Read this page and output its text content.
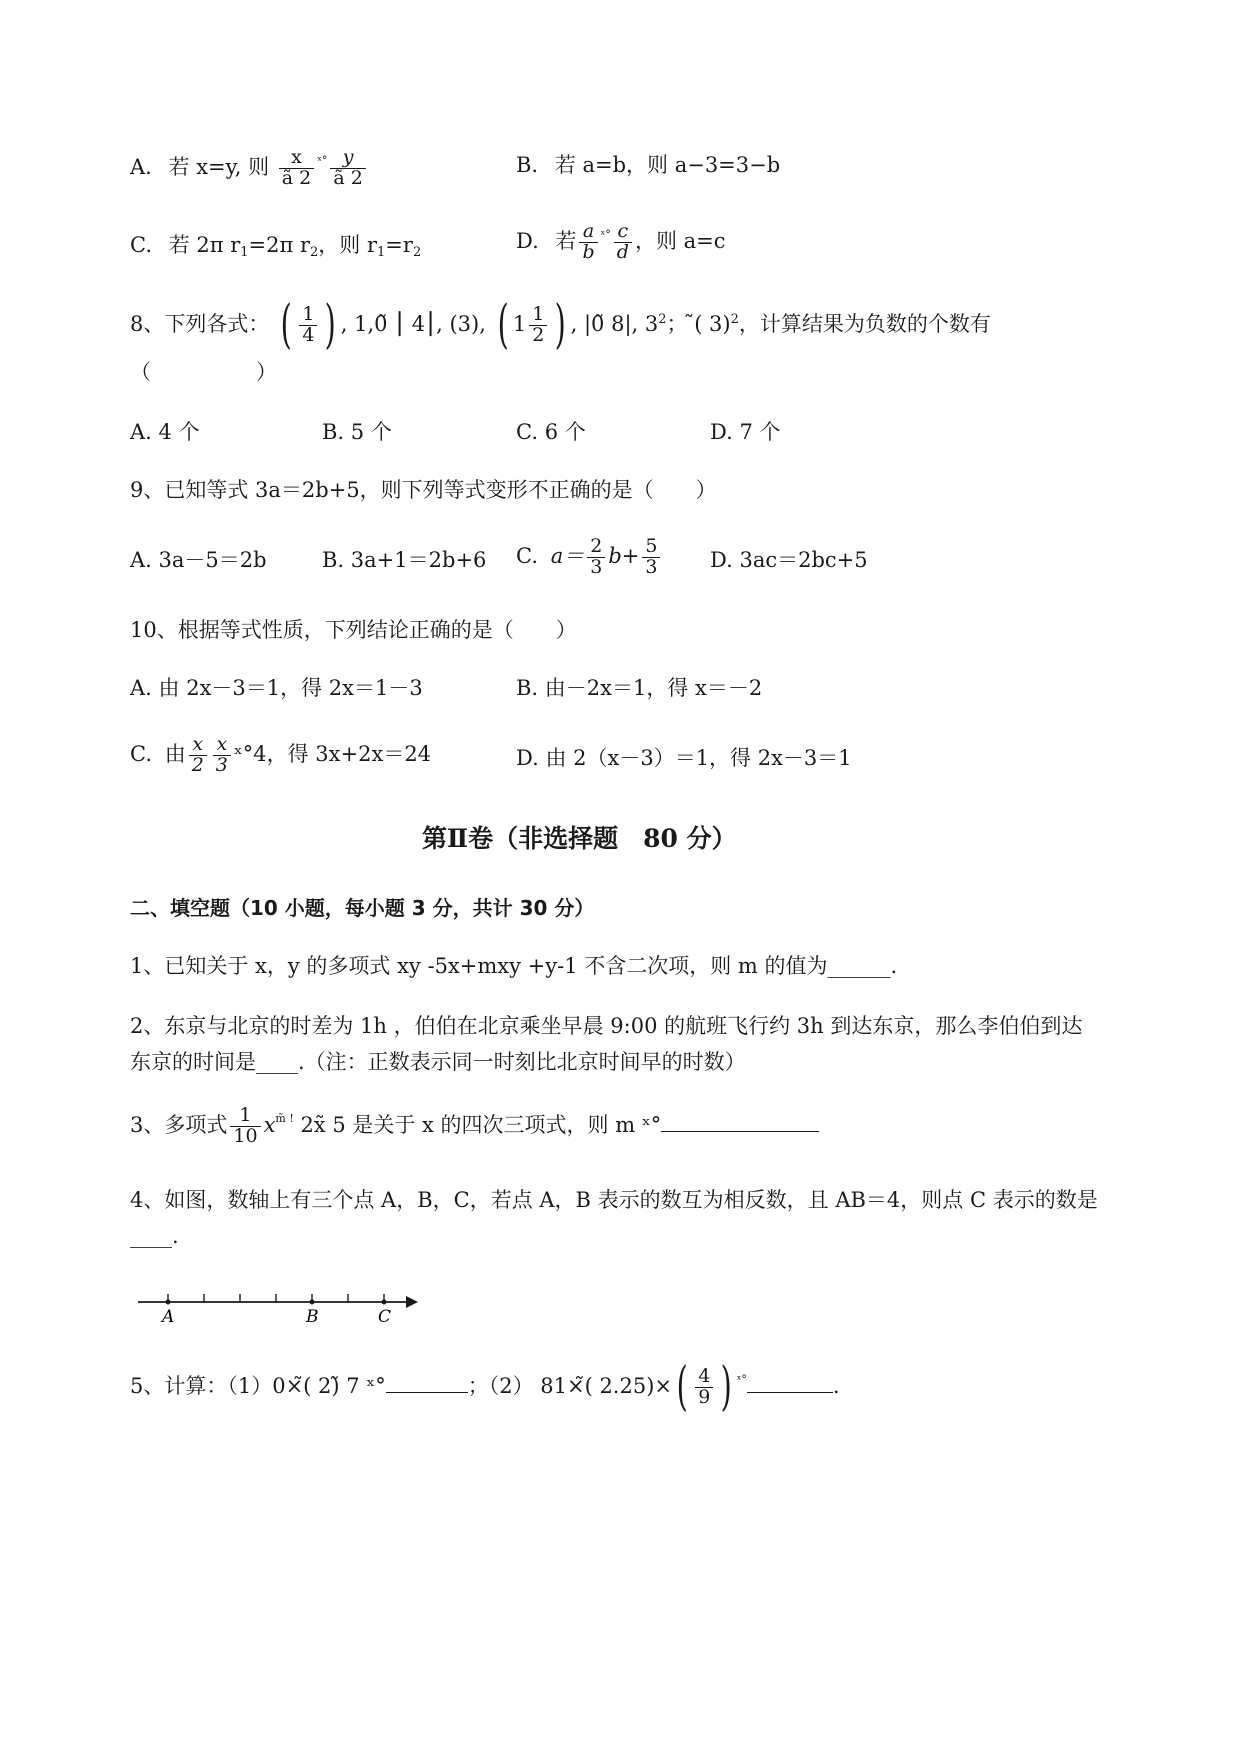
A. 若 x=y, 则 $\frac{x}{ã 2} ^{ˣ^\circ} \frac{y}{ã 2}$	B. 若 a=b，则 a−3=3−b
C. 若 2π $r_1=2\pi$ $r_2$，则 $r_1=r_2$	D. 若 $\frac{a}{b} ^{ˣ^\circ} \frac{c}{d}$ ，则 a=c
8、下列各式： ( $\frac{1}{4}$ ) , 1,0̃ ⎮ 4⎮, (3), ( $1 \frac{1}{2}$ ) , |0̃ 8|, $3^2$； ̃( 3)$^2$，计算结果为负数的个数有
（　　　　　）
A. 4 个	B. 5 个	C. 6 个	D. 7 个
9、已知等式 3a＝2b+5，则下列等式变形不正确的是（　　）
A. 3a－5＝2b	B. 3a+1＝2b+6 C. $a= \frac{2}{3} b+ \frac{5}{3} D$. 3ac＝2bc+5
10、根据等式性质，下列结论正确的是（　　）
A. 由 2x－3＝1，得 2x＝1－3	B. 由－2x＝1，得 x＝－2
C. 由 $\frac{x}{2} \frac{x}{3}$ ˣ°4，得 3x+2x＝24	D. 由 2（x－3）＝1，得 2x－3＝1
第Ⅱ卷（非选择题　80 分）
二、填空题（10 小题，每小题 3 分，共计 30 分）
1、已知关于 x，y 的多项式 xy -5x+mxy +y-1 不含二次项，则 m 的值为______.
2、东京与北京的时差为 1h ，伯伯在北京乘坐早晨 9:00 的航班飞行约 3h 到达东京，那么李伯伯到达
东京的时间是____.（注：正数表示同一时刻比北京时间早的时数）
3、多项式 $\frac{1}{10} x^{m̃ !}$ 2x̃ 5 是关于 x 的四次三项式，则 m ˣ°
4、如图，数轴上有三个点 A，B，C，若点 A，B 表示的数互为相反数，且 AB＝4，则点 C 表示的数是
____.
A	B	C
5、计算：（1）0×̃( 2)̃ 7 ˣ°	；（2） 81×̃( $2.25)\times( \frac{4}{9}$ ) $^{ˣ^\circ}$	.
